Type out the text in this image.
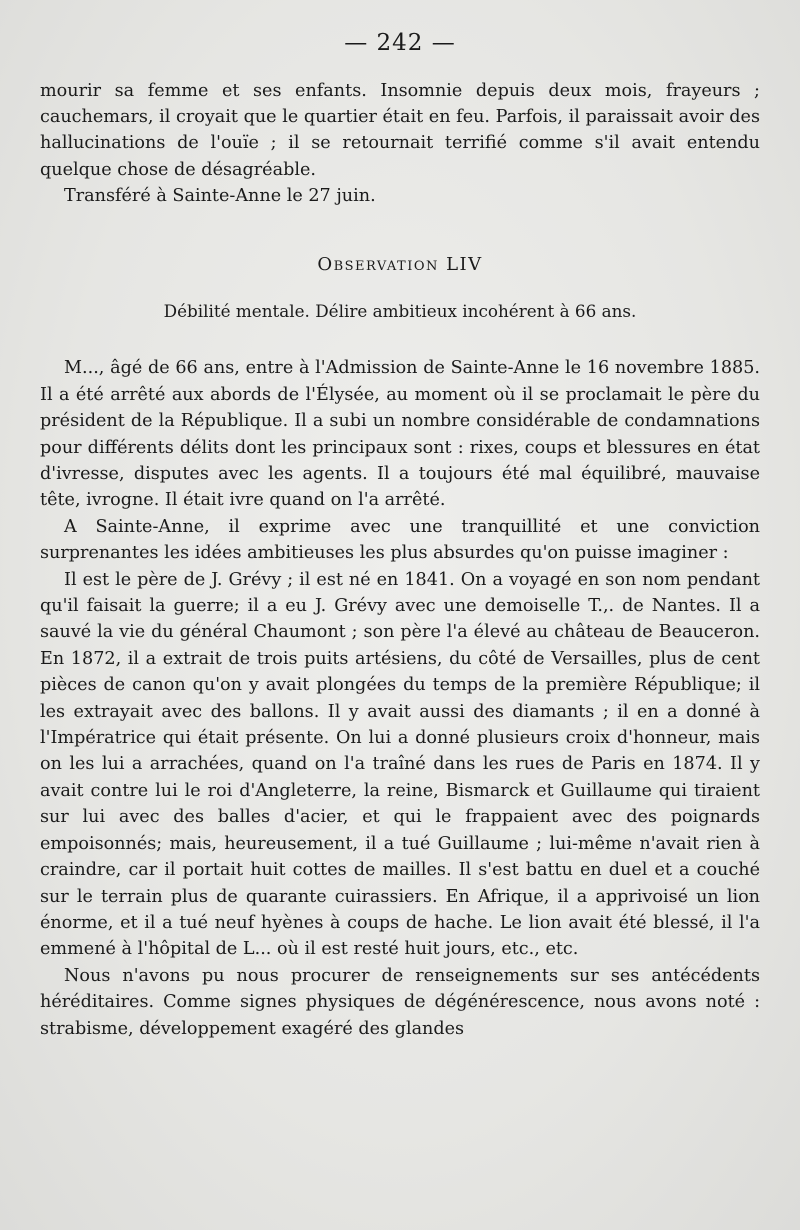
— 242 —

mourir sa femme et ses enfants. Insomnie depuis deux mois, frayeurs ; cauchemars, il croyait que le quartier était en feu. Parfois, il paraissait avoir des hallucinations de l'ouïe ; il se retournait terrifié comme s'il avait entendu quelque chose de désagréable.

Transféré à Sainte-Anne le 27 juin.

Observation LIV
Débilité mentale. Délire ambitieux incohérent à 66 ans.

M..., âgé de 66 ans, entre à l'Admission de Sainte-Anne le 16 novembre 1885. Il a été arrêté aux abords de l'Élysée, au moment où il se proclamait le père du président de la République. Il a subi un nombre considérable de condamnations pour différents délits dont les principaux sont : rixes, coups et blessures en état d'ivresse, disputes avec les agents. Il a toujours été mal équilibré, mauvaise tête, ivrogne. Il était ivre quand on l'a arrêté.

A Sainte-Anne, il exprime avec une tranquillité et une conviction surprenantes les idées ambitieuses les plus absurdes qu'on puisse imaginer :

Il est le père de J. Grévy ; il est né en 1841. On a voyagé en son nom pendant qu'il faisait la guerre; il a eu J. Grévy avec une demoiselle T.,. de Nantes. Il a sauvé la vie du général Chaumont ; son père l'a élevé au château de Beauceron. En 1872, il a extrait de trois puits artésiens, du côté de Versailles, plus de cent pièces de canon qu'on y avait plongées du temps de la première République; il les extrayait avec des ballons. Il y avait aussi des diamants ; il en a donné à l'Impératrice qui était présente. On lui a donné plusieurs croix d'honneur, mais on les lui a arrachées, quand on l'a traîné dans les rues de Paris en 1874. Il y avait contre lui le roi d'Angleterre, la reine, Bismarck et Guillaume qui tiraient sur lui avec des balles d'acier, et qui le frappaient avec des poignards empoisonnés; mais, heureusement, il a tué Guillaume ; lui-même n'avait rien à craindre, car il portait huit cottes de mailles. Il s'est battu en duel et a couché sur le terrain plus de quarante cuirassiers. En Afrique, il a apprivoisé un lion énorme, et il a tué neuf hyènes à coups de hache. Le lion avait été blessé, il l'a emmené à l'hôpital de L... où il est resté huit jours, etc., etc.

Nous n'avons pu nous procurer de renseignements sur ses antécédents héréditaires. Comme signes physiques de dégénérescence, nous avons noté : strabisme, développement exagéré des glandes
